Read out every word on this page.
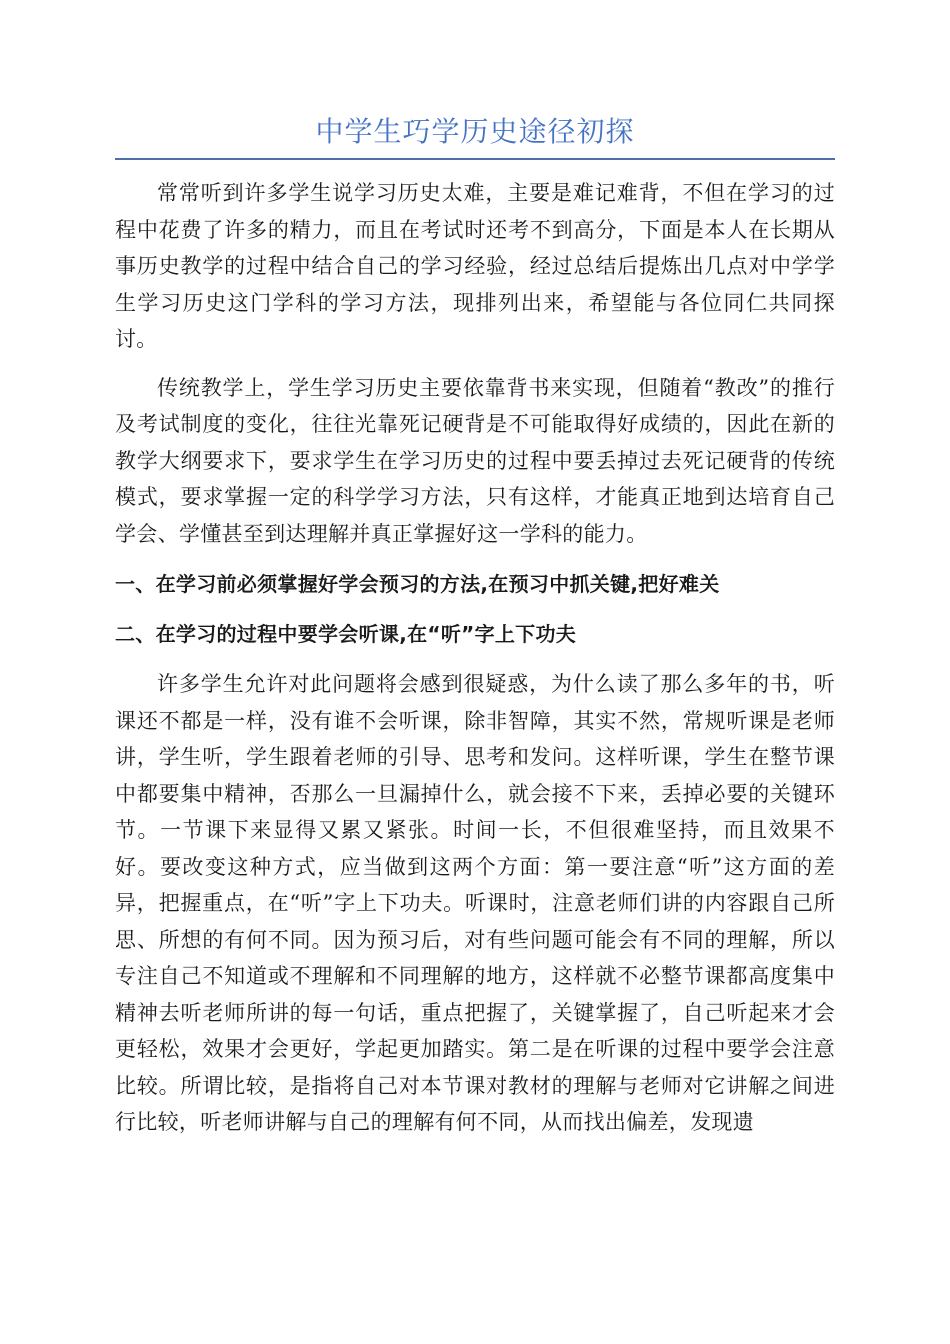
中学生巧学历史途径初探

常常听到许多学生说学习历史太难，主要是难记难背，不但在学习的过程中花费了许多的精力，而且在考试时还考不到高分，下面是本人在长期从事历史教学的过程中结合自己的学习经验，经过总结后提炼出几点对中学学生学习历史这门学科的学习方法，现排列出来，希望能与各位同仁共同探讨。

传统教学上，学生学习历史主要依靠背书来实现，但随着“教改”的推行及考试制度的变化，往往光靠死记硬背是不可能取得好成绩的，因此在新的教学大纲要求下，要求学生在学习历史的过程中要丢掉过去死记硬背的传统模式，要求掌握一定的科学学习方法，只有这样，才能真正地到达培育自己学会、学懂甚至到达理解并真正掌握好这一学科的能力。

一、在学习前必须掌握好学会预习的方法,在预习中抓关键,把好难关

二、在学习的过程中要学会听课,在“听”字上下功夫

许多学生允许对此问题将会感到很疑惑，为什么读了那么多年的书，听课还不都是一样，没有谁不会听课，除非智障，其实不然，常规听课是老师讲，学生听，学生跟着老师的引导、思考和发问。这样听课，学生在整节课中都要集中精神，否那么一旦漏掉什么，就会接不下来，丢掉必要的关键环节。一节课下来显得又累又紧张。时间一长，不但很难坚持，而且效果不好。要改变这种方式，应当做到这两个方面：第一要注意“听”这方面的差异，把握重点，在“听”字上下功夫。听课时，注意老师们讲的内容跟自己所思、所想的有何不同。因为预习后，对有些问题可能会有不同的理解，所以专注自己不知道或不理解和不同理解的地方，这样就不必整节课都高度集中精神去听老师所讲的每一句话，重点把握了，关键掌握了，自己听起来才会更轻松，效果才会更好，学起更加踏实。第二是在听课的过程中要学会注意比较。所谓比较，是指将自己对本节课对教材的理解与老师对它讲解之间进行比较，听老师讲解与自己的理解有何不同，从而找出偏差，发现遗
